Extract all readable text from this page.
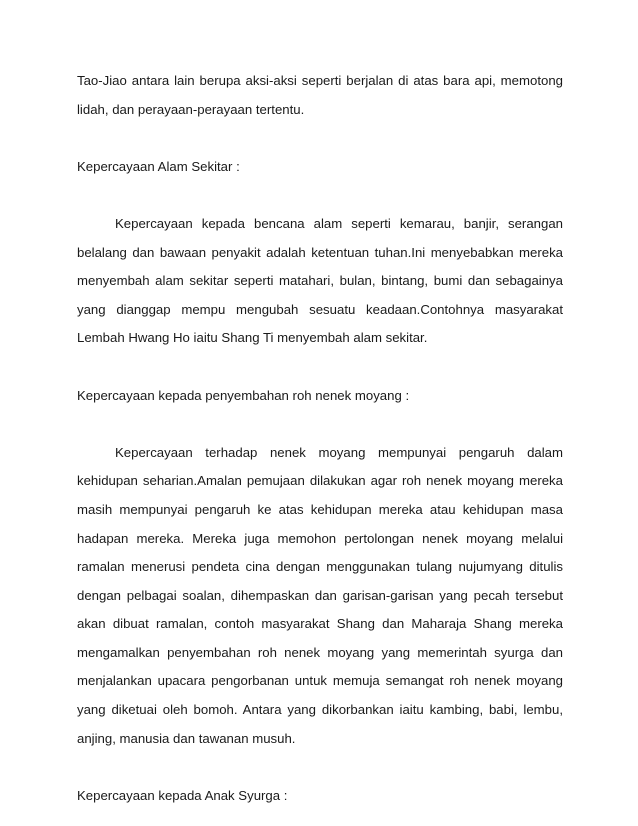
Tao-Jiao antara lain berupa aksi-aksi seperti berjalan di atas bara api, memotong lidah, dan perayaan-perayaan tertentu.

Kepercayaan Alam Sekitar :

Kepercayaan kepada bencana alam seperti kemarau, banjir, serangan belalang dan bawaan penyakit adalah ketentuan tuhan.Ini menyebabkan mereka menyembah alam sekitar seperti matahari, bulan, bintang, bumi dan sebagainya yang dianggap mempu mengubah sesuatu keadaan.Contohnya masyarakat Lembah Hwang Ho iaitu Shang Ti menyembah alam sekitar.

Kepercayaan kepada penyembahan roh nenek moyang :

Kepercayaan terhadap nenek moyang mempunyai pengaruh dalam kehidupan seharian.Amalan pemujaan dilakukan agar roh nenek moyang mereka masih mempunyai pengaruh ke atas kehidupan mereka atau kehidupan masa hadapan mereka. Mereka juga memohon pertolongan nenek moyang melalui ramalan menerusi pendeta cina dengan menggunakan tulang nujumyang ditulis dengan pelbagai soalan, dihempaskan dan garisan-garisan yang pecah tersebut akan dibuat ramalan, contoh masyarakat Shang dan Maharaja Shang mereka mengamalkan penyembahan roh nenek moyang yang memerintah syurga dan menjalankan upacara pengorbanan untuk memuja semangat roh nenek moyang yang diketuai oleh bomoh. Antara yang dikorbankan iaitu kambing, babi, lembu, anjing, manusia dan tawanan musuh.

Kepercayaan kepada Anak Syurga :
